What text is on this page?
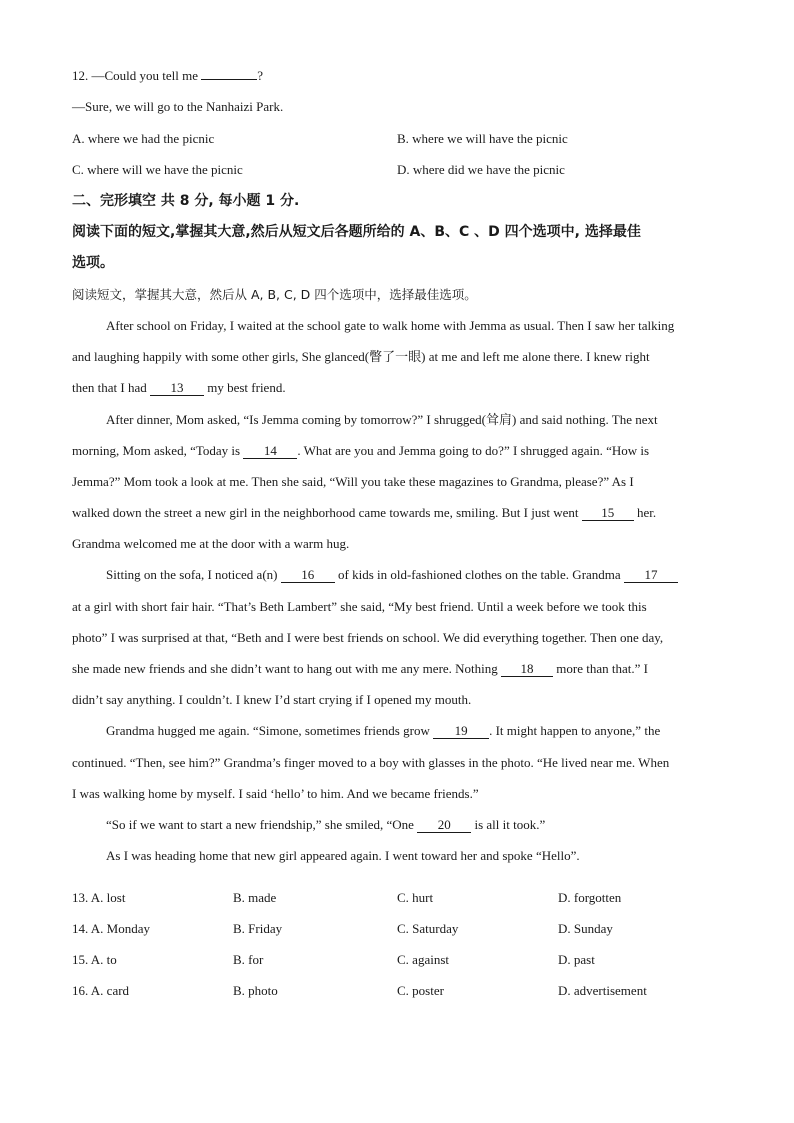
12. —Could you tell me	?
—Sure, we will go to the Nanhaizi Park.
A. where we had the picnic	B. where we will have the picnic
C. where will we have the picnic	D. where did we have the picnic
二、完形填空 共 8 分, 每小题 1 分.
阅读下面的短文,掌握其大意,然后从短文后各题所给的 A、B、C 、D 四个选项中, 选择最佳
选项。
阅读短文，掌握其大意，然后从 A, B, C, D 四个选项中，选择最佳选项。
After school on Friday, I waited at the school gate to walk home with Jemma as usual. Then I saw her talking
and laughing happily with some other girls, She glanced(瞥了一眼) at me and left me alone there. I knew right
then that I had 13 my best friend.
After dinner, Mom asked, “Is Jemma coming by tomorrow?” I shrugged(耸肩) and said nothing. The next
morning, Mom asked, “Today is 14 . What are you and Jemma going to do?” I shrugged again. “How is
Jemma?” Mom took a look at me. Then she said, “Will you take these magazines to Grandma, please?” As I
walked down the street a new girl in the neighborhood came towards me, smiling. But I just went 15 her.
Grandma welcomed me at the door with a warm hug.
Sitting on the sofa, I noticed a(n) 16 of kids in old-fashioned clothes on the table. Grandma 17
at a girl with short fair hair. “That’s Beth Lambert” she said, “My best friend. Until a week before we took this
photo” I was surprised at that, “Beth and I were best friends on school. We did everything together. Then one day,
she made new friends and she didn’t want to hang out with me any mere. Nothing 18 more than that.” I
didn’t say anything. I couldn’t. I knew I’d start crying if I opened my mouth.
Grandma hugged me again. “Simone, sometimes friends grow 19 . It might happen to anyone,” the
continued. “Then, see him?” Grandma’s finger moved to a boy with glasses in the photo. “He lived near me. When
I was walking home by myself. I said ‘hello’ to him. And we became friends.”
“So if we want to start a new friendship,” she smiled, “One 20 is all it took.”
As I was heading home that new girl appeared again. I went toward her and spoke “Hello”.
13. A. lost	B. made	C. hurt	D. forgotten
14. A. Monday	B. Friday	C. Saturday	D. Sunday
15. A. to	B. for	C. against	D. past
16. A. card	B. photo	C. poster	D. advertisement
